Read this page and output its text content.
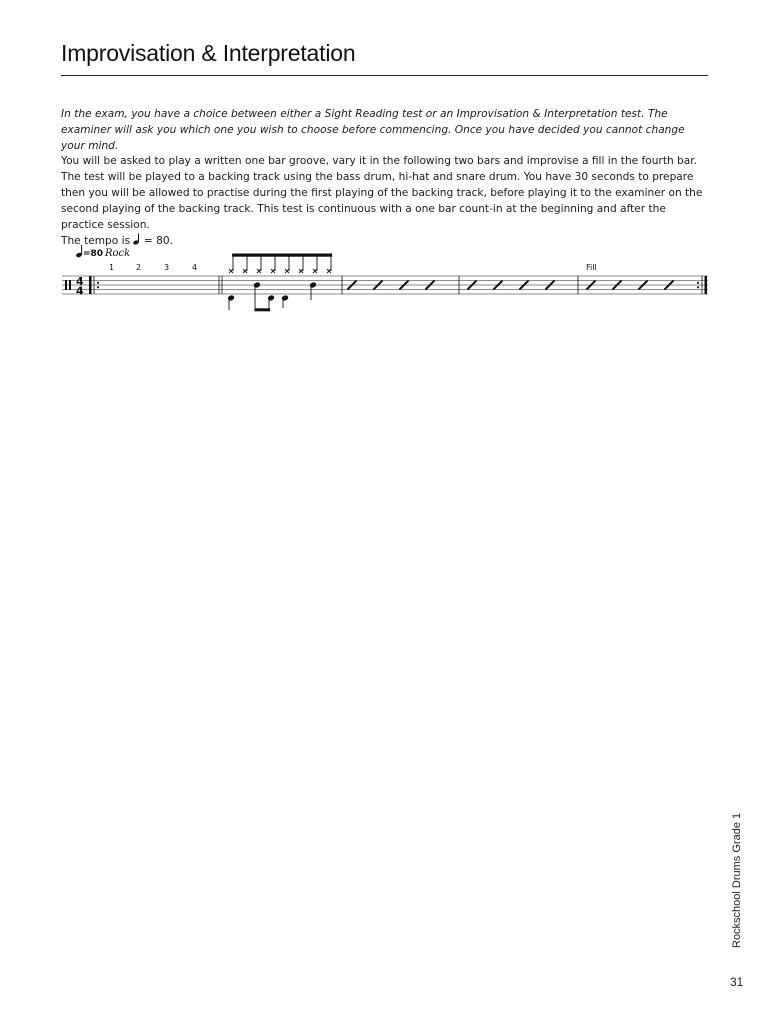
Improvisation & Interpretation
In the exam, you have a choice between either a Sight Reading test or an Improvisation & Interpretation test. The examiner will ask you which one you wish to choose before commencing. Once you have decided you cannot change your mind.
You will be asked to play a written one bar groove, vary it in the following two bars and improvise a fill in the fourth bar. The test will be played to a backing track using the bass drum, hi-hat and snare drum. You have 30 seconds to prepare then you will be allowed to practise during the first playing of the backing track, before playing it to the examiner on the second playing of the backing track. This test is continuous with a one bar count-in at the beginning and after the practice session.
The tempo is  = 80.
=80 Rock
1	2	3	4	Fill
4
4
Rockschool Drums Grade 1
31
